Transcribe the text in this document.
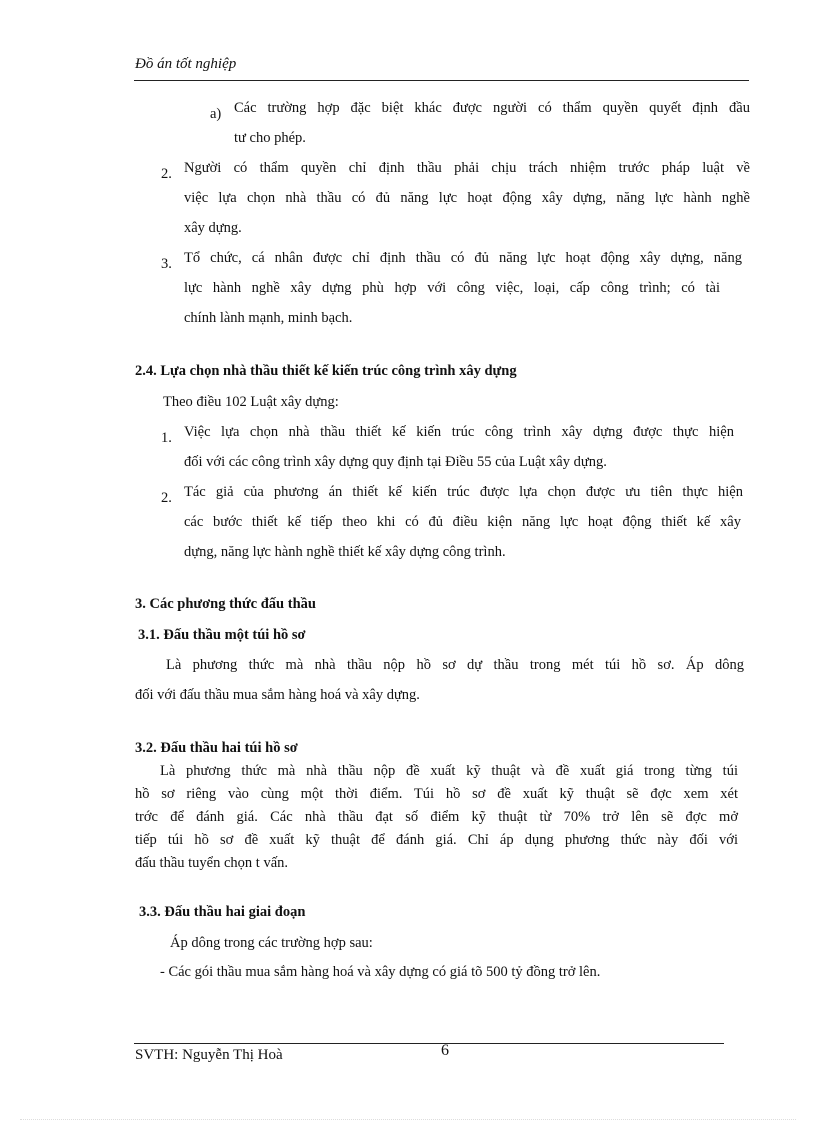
Đồ án tốt nghiệp
a) Các trường hợp đặc biệt khác được người có thẩm quyền quyết định đầu
tư cho phép.
2. Người có thẩm quyền chỉ định thầu phải chịu trách nhiệm trước pháp luật về
việc lựa chọn nhà thầu có đủ năng lực hoạt động xây dựng, năng lực hành nghề
xây dựng.
3. Tổ chức, cá nhân được chỉ định thầu có đủ năng lực hoạt động xây dựng, năng
lực hành nghề xây dựng phù hợp với công việc, loại, cấp công trình; có tài
chính lành mạnh, minh bạch.
2.4. Lựa chọn nhà thầu thiết kế kiến trúc công trình xây dựng
Theo điều 102 Luật xây dựng:
1. Việc lựa chọn nhà thầu thiết kế kiến trúc công trình xây dựng được thực hiện
đối với các công trình xây dựng quy định tại Điều 55 của Luật xây dựng.
2. Tác giả của phương án thiết kế kiến trúc được lựa chọn được ưu tiên thực hiện
các bước thiết kế tiếp theo khi có đủ điều kiện năng lực hoạt động thiết kế xây
dựng, năng lực hành nghề thiết kế xây dựng công trình.
3. Các phương thức đấu thầu
3.1. Đấu thầu một túi hồ sơ
Là phương thức mà nhà thầu nộp hồ sơ dự thầu trong mét túi hồ sơ. Áp dông
đối với đấu thầu mua sắm hàng hoá và xây dựng.
3.2. Đấu thầu hai túi hồ sơ
Là phương thức mà nhà thầu nộp đề xuất kỹ thuật và đề xuất giá trong từng túi
hồ sơ riêng vào cùng một thời điểm. Túi hồ sơ đề xuất kỹ thuật sẽ đợc xem xét
trớc để đánh giá. Các nhà thầu đạt số điểm kỹ thuật từ 70% trở lên sẽ đợc mở
tiếp túi hồ sơ đề xuất kỹ thuật để đánh giá. Chỉ áp dụng phương thức này đối với
đấu thầu tuyển chọn t vấn.
3.3. Đấu thầu hai giai đoạn
Áp dông trong các trường hợp sau:
- Các gói thầu mua sắm hàng hoá và xây dựng có giá tõ 500 tỷ đồng trở lên.
6
SVTH: Nguyễn Thị Hoà
